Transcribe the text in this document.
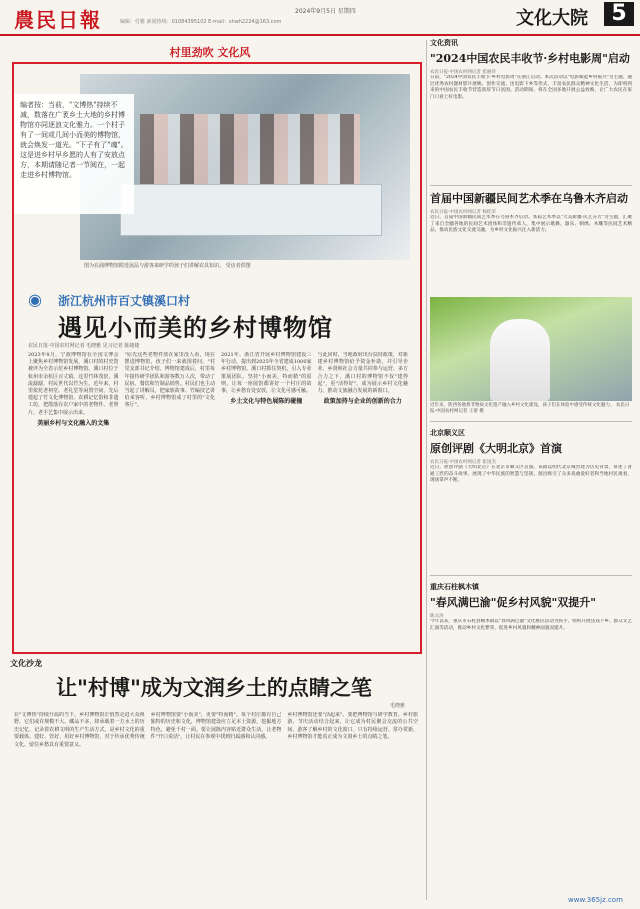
農民日報	2024年9月5日 星期四
编辑：付雅 新闻热线：01084395102 E-mail：shwh2224@163.com	文化大院	5
村里劲吹 文化风
编者按：当前，"文博热"持续不减，数落在广袤乡土大地的乡村博物馆亦同逐浪文化雅力。一个村子有了一间或几间小而美的博物馆，就会焕发一道光。"下子有了"魂"。这是迸乡村早乡愿的人有了安放点方，本期请随记者一节阅在，一起走进乡村博物馆。
图为在浦博物馆附近展品与游客来研学的孩子们讲解农具知识。 受访者供图
◉ 浙江杭州市百丈镇溪口村
遇见小而美的乡村博物馆
农民日报·中国农村网记者 毛晓雅 见习记者 陈婕婕
2023年8月，宁波博物馆在全国文博会上聚焦乡村博物馆发展，溪口村的村史馆被评为全省示范乡村博物馆。溪口村位于杭州市余杭区百丈镇，这里竹林茂密，溪流潺潺，村民世代以竹为生。近年来，村里依托老祠堂、老礼堂等闲置空间，先后建起了竹文化博物馆、农耕记忆馆和非遗工坊，把散落在农户家中的老物件、老照片、老手艺集中展示出来。
美丽乡村与文化融入的文集
"原先这些老物件放在家里没人看，现在摆进博物馆，孩子们一来就围着问。"村党支部书记介绍，博物馆建成后，村里每年接待研学团队和游客数万人次，带动了民宿、餐饮和竹制品销售。村民们也主动当起了讲解员，把家族故事、竹编技艺讲给来客听，乡村博物馆成了村里的"文化客厅"。
2021年，浙江省开展乡村博物馆建设三年行动，提出到2025年全省建成1000家乡村博物馆。溪口村抓住契机，引入专业策展团队，坚持"小而美、特而精"的原则，让每一座展馆都讲好一个村庄的故事，让乡愁有处安放，让文化可感可触。
乡土文化与特色展陈的碰撞
与此同时，当地政府出台扶持政策，对新建乡村博物馆给予资金补助，并引导企业、乡贤和社会力量共同参与运营。多方合力之下，溪口村的博物馆不仅"建得起"，更"活得好"，成为展示乡村文化魅力、推动文旅融合发展的新窗口。
政策加持与企业的创新的合力
文化沙龙
让"村博"成为文润乡土的点睛之笔
毛晓雅
在"文博热"持续升温的当下，乡村博物馆正悄然走进大众视野。它们或许规模不大、藏品不多，却承载着一方水土的历史记忆，记录着农耕文明的生产生活方式，是乡村文化的重要载体。建好、管好、用好乡村博物馆，对于传承优秀传统文化、留住乡愁具有重要意义。
乡村博物馆要"小而美"，更要"特而精"。每个村庄都有自己独特的历史和文化，博物馆建设应立足本土资源，挖掘地方特色，避免千村一面。要让展陈内容贴近群众生活，让老物件"开口说话"，让村民在参观中找到归属感和认同感。
乡村博物馆还要"活起来"。要把博物馆与研学教育、乡村旅游、节庆活动结合起来，让它成为村民聚会交流的公共空间、游客了解乡村的文化窗口。只有持续运营、常办常新，乡村博物馆才能真正成为文润乡土的点睛之笔。
文化资讯
"2024中国农民丰收节·乡村电影周"启动
农民日报·中国农村网记者 崔丽萍
日前，"2024中国农民丰收节·乡村电影周"在浙江启动。本次活动以"电影赋能乡村振兴"为主题，通过优秀农村题材影片展映、创作交流、送电影下乡等形式，丰富农民群众精神文化生活，为即将到来的中国农民丰收节营造浓厚节日氛围。活动期间，将在全国多地开展公益放映，让广大农民在家门口看上好电影。
首届中国新疆民间艺术季在乌鲁木齐启动
农民日报·中国农村网记者 杨桂荣
近日，首届中国新疆民间艺术季在乌鲁木齐启动。本届艺术季以"大美新疆·民艺芬芳"为主题，汇聚了来自全疆各地的民间艺术团体和非遗传承人，集中展示歌舞、器乐、刺绣、木雕等民间艺术精品，推动民族文化交流交融，为乡村文化振兴注入新活力。
近年来，陕西各地将非物质文化遗产融入乡村文化建设，孩子们在体验中感受传统文化魅力。 农民日报·中国农村网记者 王蕾 摄
北京顺义区
原创评剧《大明北京》首演
农民日报·中国农村网记者 崔国杰
近日，原创评剧《大明北京》在北京市顺义区首演。该剧以明代北京城营建为历史背景，讲述了普通工匠的奋斗故事，展现了中华民族的智慧与坚韧。演出吸引了众多戏曲爱好者和当地村民观看，现场掌声不断。
重庆石柱枫木镇
"春风满巴渝"促乡村风貌"双提升"
陈文涛
今年以来，重庆市石柱县枫木镇以"春风满巴渝"文化惠民活动为抓手，组织开展送戏下乡、群众文艺汇演等活动，推动乡村文化繁荣，促进乡村风貌和精神面貌双提升。
www.365jz.com
